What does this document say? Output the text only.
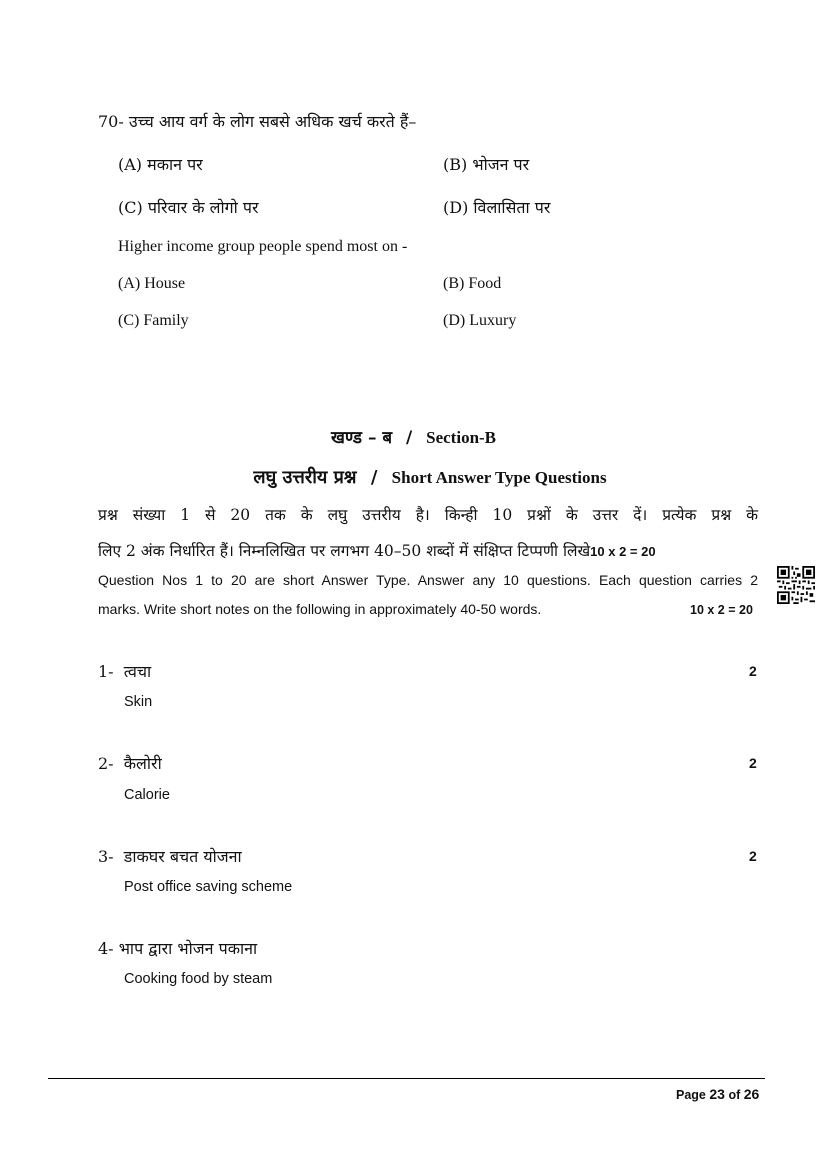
70- उच्च आय वर्ग के लोग सबसे अधिक खर्च करते हैं–
(A) मकान पर	(B) भोजन पर
(C) परिवार के लोगो पर	(D) विलासिता पर
Higher income group people spend most on -
(A) House	(B) Food
(C) Family	(D) Luxury
खण्ड – ब / Section-B
लघु उत्तरीय प्रश्न / Short Answer Type Questions
प्रश्न संख्या 1 से 20 तक के लघु उत्तरीय है। किन्ही 10 प्रश्नों के उत्तर दें। प्रत्येक प्रश्न के
लिए 2 अंक निर्धारित हैं। निम्नलिखित पर लगभग 40–50 शब्दों में संक्षिप्त टिप्पणी लिखे10 x 2 = 20
Question Nos 1 to 20 are short Answer Type. Answer any 10 questions. Each question carries 2
marks. Write short notes on the following in approximately 40-50 words.	10 x 2 = 20
1- त्वचा	2
Skin
2- कैलोरी	2
Calorie
3- डाकघर बचत योजना	2
Post office saving scheme
4- भाप द्वारा भोजन पकाना
Cooking food by steam
Page 23 of 26
